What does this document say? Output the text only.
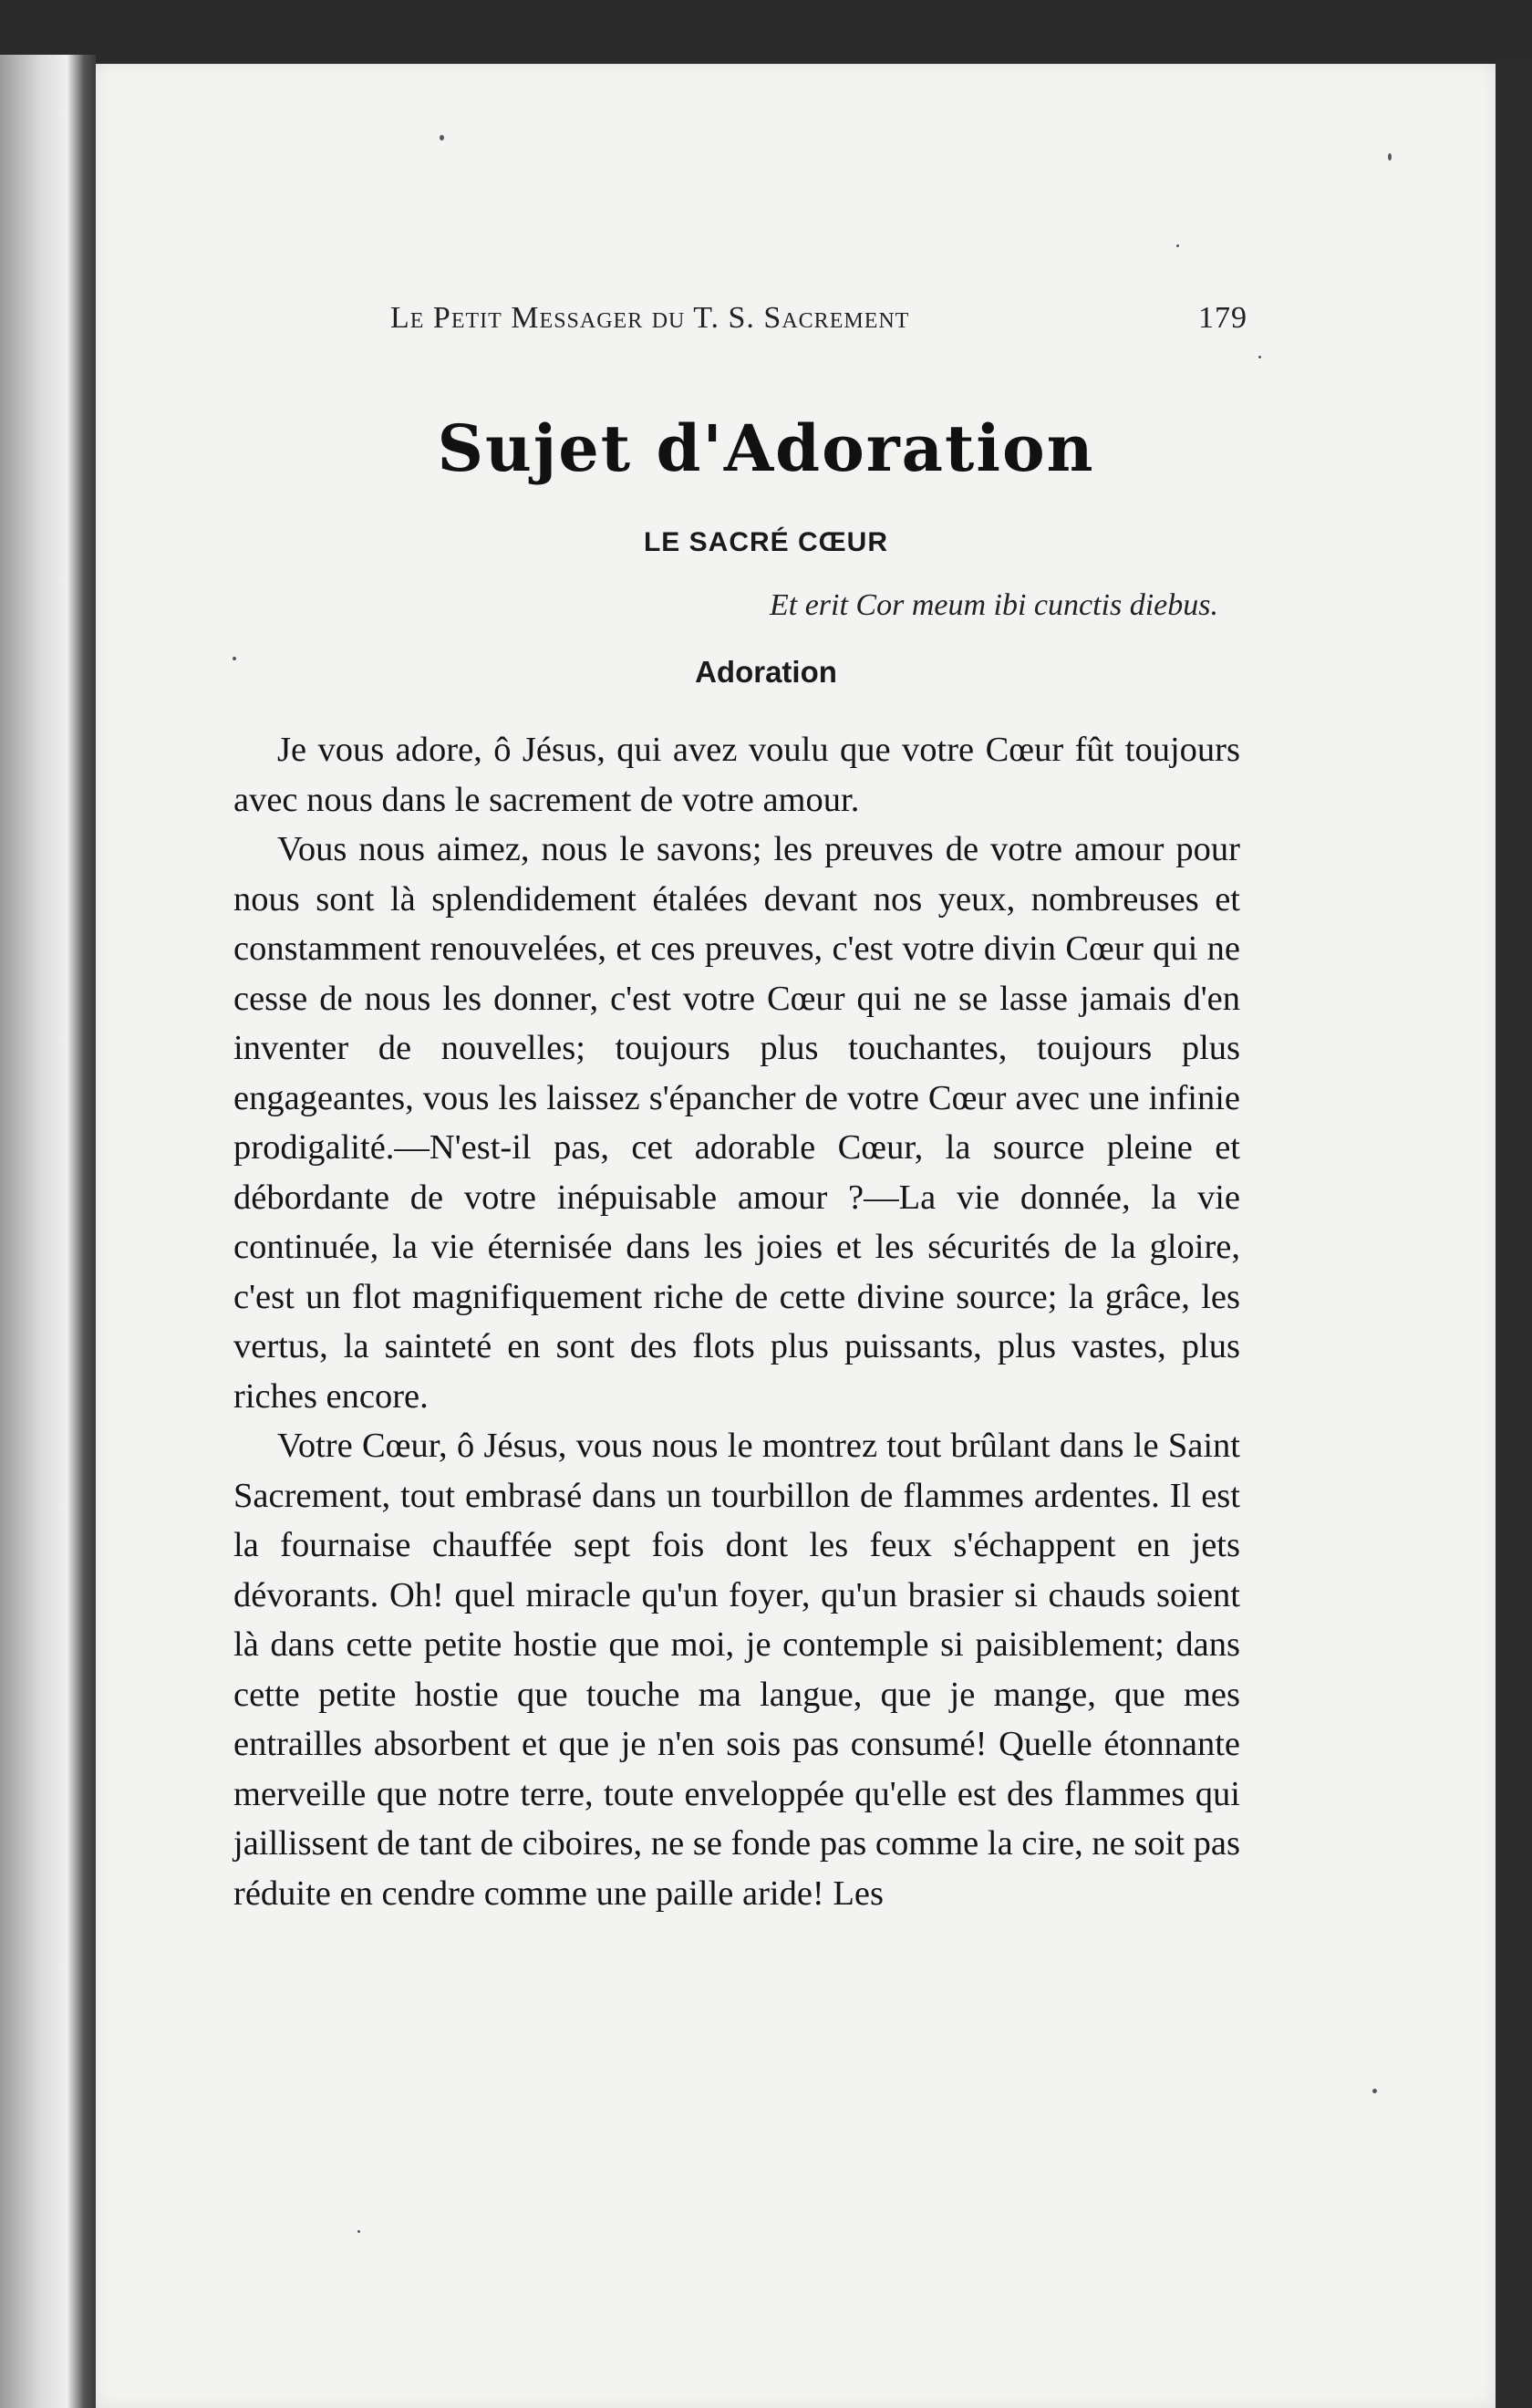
Le Petit Messager du T. S. Sacrement	179
Sujet d'Adoration
LE SACRÉ CŒUR
Et erit Cor meum ibi cunctis diebus.
Adoration

Je vous adore, ô Jésus, qui avez voulu que votre Cœur fût toujours avec nous dans le sacrement de votre amour.

Vous nous aimez, nous le savons; les preuves de votre amour pour nous sont là splendidement étalées devant nos yeux, nombreuses et constamment renouvelées, et ces preuves, c'est votre divin Cœur qui ne cesse de nous les donner, c'est votre Cœur qui ne se lasse jamais d'en inventer de nouvelles; toujours plus touchantes, toujours plus engageantes, vous les laissez s'épancher de votre Cœur avec une infinie prodigalité.—N'est-il pas, cet adorable Cœur, la source pleine et débordante de votre inépuisable amour ?—La vie donnée, la vie continuée, la vie éternisée dans les joies et les sécurités de la gloire, c'est un flot magnifiquement riche de cette divine source; la grâce, les vertus, la sainteté en sont des flots plus puissants, plus vastes, plus riches encore.

Votre Cœur, ô Jésus, vous nous le montrez tout brûlant dans le Saint Sacrement, tout embrasé dans un tourbillon de flammes ardentes. Il est la fournaise chauffée sept fois dont les feux s'échappent en jets dévorants. Oh! quel miracle qu'un foyer, qu'un brasier si chauds soient là dans cette petite hostie que moi, je contemple si paisiblement; dans cette petite hostie que touche ma langue, que je mange, que mes entrailles absorbent et que je n'en sois pas consumé! Quelle étonnante merveille que notre terre, toute enveloppée qu'elle est des flammes qui jaillissent de tant de ciboires, ne se fonde pas comme la cire, ne soit pas réduite en cendre comme une paille aride! Les
